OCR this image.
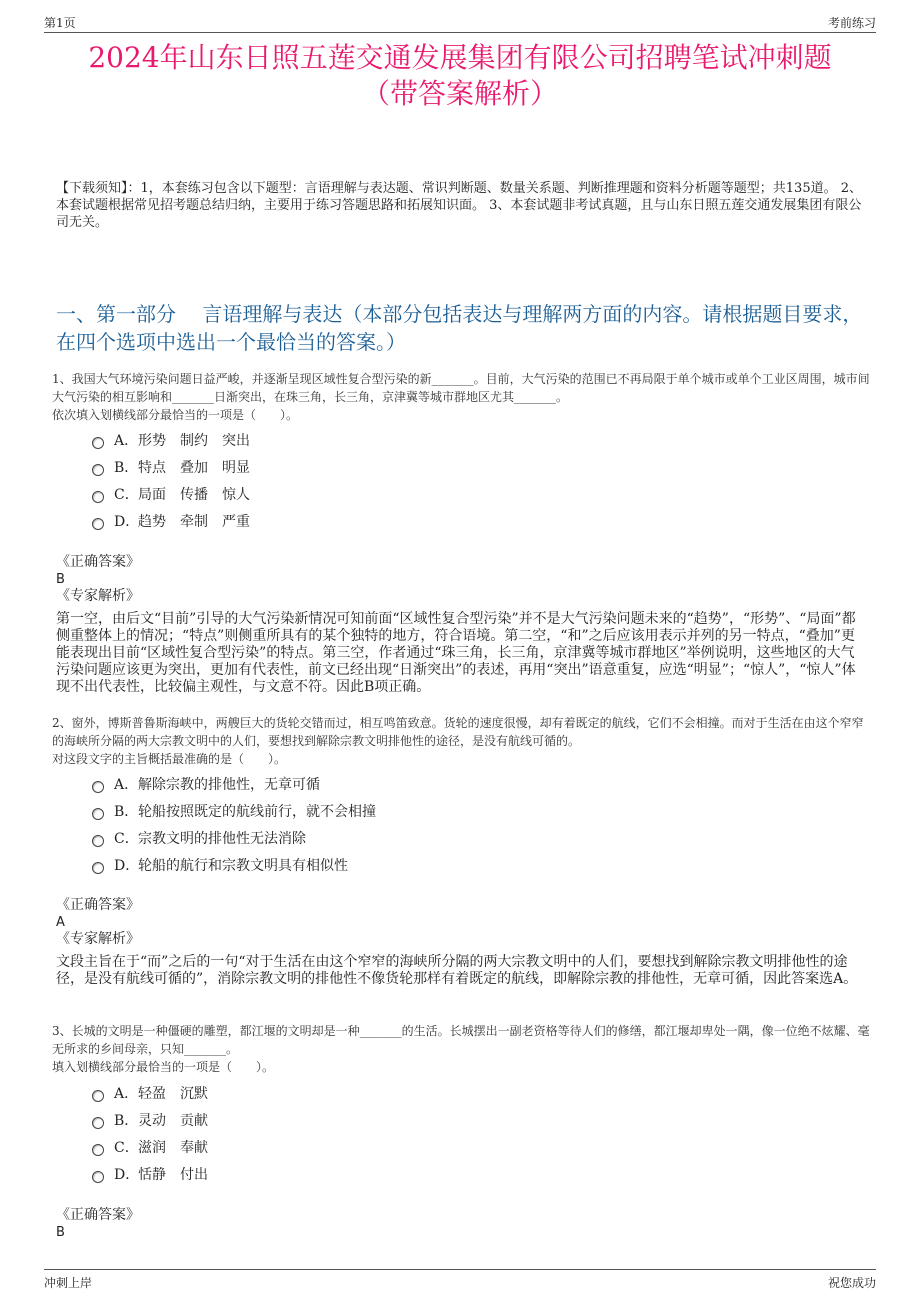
第1页	考前练习
2024年山东日照五莲交通发展集团有限公司招聘笔试冲刺题
（带答案解析）
【下载须知】：1，本套练习包含以下题型：言语理解与表达题、常识判断题、数量关系题、判断推理题和资料分析题等题型；共135道。 2、本套试题根据常见招考题总结归纳，主要用于练习答题思路和拓展知识面。 3、本套试题非考试真题，且与山东日照五莲交通发展集团有限公司无关。
一、第一部分　 言语理解与表达（本部分包括表达与理解两方面的内容。请根据题目要求，在四个选项中选出一个最恰当的答案。）
1、我国大气环境污染问题日益严峻，并逐渐呈现区域性复合型污染的新_______。目前，大气污染的范围已不再局限于单个城市或单个工业区周围，城市间大气污染的相互影响和_______日渐突出，在珠三角，长三角，京津冀等城市群地区尤其_______。
依次填入划横线部分最恰当的一项是（　　）。
A． 形势　制约　突出
B． 特点　叠加　明显
C． 局面　传播　惊人
D．
趋势　牵制　严重
《正确答案》
B
《专家解析》
第一空，由后文“目前”引导的大气污染新情况可知前面“区域性复合型污染”并不是大气污染问题未来的“趋势”，“形势”、“局面”都侧重整体上的情况；“特点”则侧重所具有的某个独特的地方，符合语境。第二空，“和”之后应该用表示并列的另一特点，“叠加”更能表现出目前“区域性复合型污染”的特点。第三空，作者通过“珠三角，长三角，京津冀等城市群地区”举例说明，这些地区的大气污染问题应该更为突出，更加有代表性，前文已经出现“日渐突出”的表述，再用“突出”语意重复，应选“明显”；“惊人”，“惊人”体现不出代表性，比较偏主观性，与文意不符。因此B项正确。
2、窗外，博斯普鲁斯海峡中，两艘巨大的货轮交错而过，相互鸣笛致意。货轮的速度很慢，却有着既定的航线，它们不会相撞。而对于生活在由这个窄窄的海峡所分隔的两大宗教文明中的人们，要想找到解除宗教文明排他性的途径，是没有航线可循的。
对这段文字的主旨概括最准确的是（　　）。
A． 解除宗教的排他性，无章可循
B． 轮船按照既定的航线前行，就不会相撞
C． 宗教文明的排他性无法消除
D．
轮船的航行和宗教文明具有相似性
《正确答案》
A
《专家解析》
文段主旨在于“而”之后的一句“对于生活在由这个窄窄的海峡所分隔的两大宗教文明中的人们，要想找到解除宗教文明排他性的途径，是没有航线可循的”，消除宗教文明的排他性不像货轮那样有着既定的航线，即解除宗教的排他性，无章可循，因此答案选A。
3、长城的文明是一种僵硬的雕塑，都江堰的文明却是一种_______的生活。长城摆出一副老资格等待人们的修缮，都江堰却卑处一隅，像一位绝不炫耀、毫无所求的乡间母亲，只知_______。
填入划横线部分最恰当的一项是（　　）。
A． 轻盈　沉默
B． 灵动　贡献
C． 滋润　奉献
D．
恬静　付出
《正确答案》
B
冲刺上岸	祝您成功
